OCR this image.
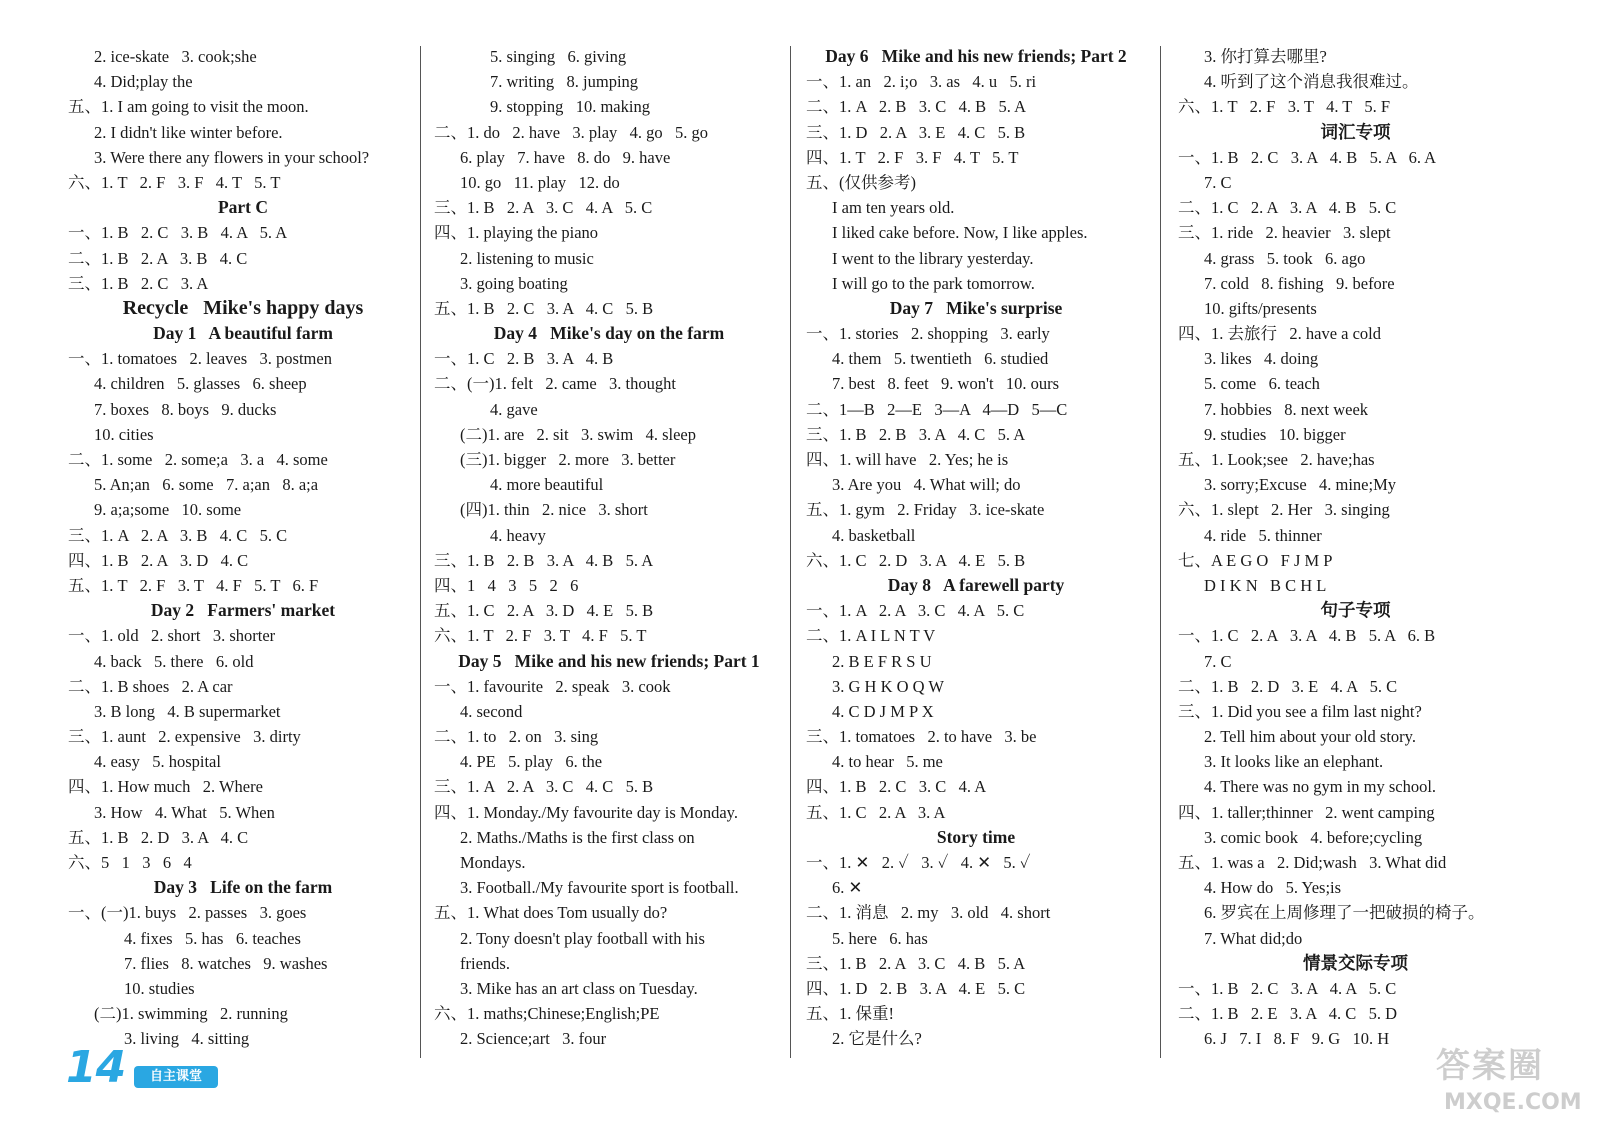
2. ice-skate   3. cook;she
4. Did;play the
五、1. I am going to visit the moon.
2. I didn't like winter before.
3. Were there any flowers in your school?
六、1. T   2. F   3. F   4. T   5. T
Part C
一、1. B   2. C   3. B   4. A   5. A
二、1. B   2. A   3. B   4. C
三、1. B   2. C   3. A
Recycle   Mike's happy days
Day 1   A beautiful farm
一、1. tomatoes   2. leaves   3. postmen
4. children   5. glasses   6. sheep
7. boxes   8. boys   9. ducks
10. cities
二、1. some   2. some;a   3. a   4. some
5. An;an   6. some   7. a;an   8. a;a
9. a;a;some   10. some
三、1. A   2. A   3. B   4. C   5. C
四、1. B   2. A   3. D   4. C
五、1. T   2. F   3. T   4. F   5. T   6. F
Day 2   Farmers' market
一、1. old   2. short   3. shorter
4. back   5. there   6. old
二、1. B shoes   2. A car
3. B long   4. B supermarket
三、1. aunt   2. expensive   3. dirty
4. easy   5. hospital
四、1. How much   2. Where
3. How   4. What   5. When
五、1. B   2. D   3. A   4. C
六、5   1   3   6   4
Day 3   Life on the farm
一、(一)1. buys   2. passes   3. goes
4. fixes   5. has   6. teaches
7. flies   8. watches   9. washes
10. studies
(二)1. swimming   2. running
3. living   4. sitting
5. singing   6. giving
7. writing   8. jumping
9. stopping   10. making
二、1. do   2. have   3. play   4. go   5. go
6. play   7. have   8. do   9. have
10. go   11. play   12. do
三、1. B   2. A   3. C   4. A   5. C
四、1. playing the piano
2. listening to music
3. going boating
五、1. B   2. C   3. A   4. C   5. B
Day 4   Mike's day on the farm
一、1. C   2. B   3. A   4. B
二、(一)1. felt   2. came   3. thought
4. gave
(二)1. are   2. sit   3. swim   4. sleep
(三)1. bigger   2. more   3. better
4. more beautiful
(四)1. thin   2. nice   3. short
4. heavy
三、1. B   2. B   3. A   4. B   5. A
四、1   4   3   5   2   6
五、1. C   2. A   3. D   4. E   5. B
六、1. T   2. F   3. T   4. F   5. T
Day 5   Mike and his new friends; Part 1
一、1. favourite   2. speak   3. cook
4. second
二、1. to   2. on   3. sing
4. PE   5. play   6. the
三、1. A   2. A   3. C   4. C   5. B
四、1. Monday./My favourite day is Monday.
2. Maths./Maths is the first class on
Mondays.
3. Football./My favourite sport is football.
五、1. What does Tom usually do?
2. Tony doesn't play football with his
friends.
3. Mike has an art class on Tuesday.
六、1. maths;Chinese;English;PE
2. Science;art   3. four
Day 6   Mike and his new friends; Part 2
一、1. an   2. i;o   3. as   4. u   5. ri
二、1. A   2. B   3. C   4. B   5. A
三、1. D   2. A   3. E   4. C   5. B
四、1. T   2. F   3. F   4. T   5. T
五、(仅供参考)
I am ten years old.
I liked cake before. Now, I like apples.
I went to the library yesterday.
I will go to the park tomorrow.
Day 7   Mike's surprise
一、1. stories   2. shopping   3. early
4. them   5. twentieth   6. studied
7. best   8. feet   9. won't   10. ours
二、1—B   2—E   3—A   4—D   5—C
三、1. B   2. B   3. A   4. C   5. A
四、1. will have   2. Yes; he is
3. Are you   4. What will; do
五、1. gym   2. Friday   3. ice-skate
4. basketball
六、1. C   2. D   3. A   4. E   5. B
Day 8   A farewell party
一、1. A   2. A   3. C   4. A   5. C
二、1. A I L N T V
2. B E F R S U
3. G H K O Q W
4. C D J M P X
三、1. tomatoes   2. to have   3. be
4. to hear   5. me
四、1. B   2. C   3. C   4. A
五、1. C   2. A   3. A
Story time
一、1. ✕   2. ✓   3. ✓   4. ✕   5. ✓
6. ✕
二、1. 消息   2. my   3. old   4. short
5. here   6. has
三、1. B   2. A   3. C   4. B   5. A
四、1. D   2. B   3. A   4. E   5. C
五、1. 保重!
2. 它是什么?
3. 你打算去哪里?
4. 听到了这个消息我很难过。
六、1. T   2. F   3. T   4. T   5. F
词汇专项
一、1. B   2. C   3. A   4. B   5. A   6. A
7. C
二、1. C   2. A   3. A   4. B   5. C
三、1. ride   2. heavier   3. slept
4. grass   5. took   6. ago
7. cold   8. fishing   9. before
10. gifts/presents
四、1. 去旅行   2. have a cold
3. likes   4. doing
5. come   6. teach
7. hobbies   8. next week
9. studies   10. bigger
五、1. Look;see   2. have;has
3. sorry;Excuse   4. mine;My
六、1. slept   2. Her   3. singing
4. ride   5. thinner
七、A E G O   F J M P
D I K N   B C H L
句子专项
一、1. C   2. A   3. A   4. B   5. A   6. B
7. C
二、1. B   2. D   3. E   4. A   5. C
三、1. Did you see a film last night?
2. Tell him about your old story.
3. It looks like an elephant.
4. There was no gym in my school.
四、1. taller;thinner   2. went camping
3. comic book   4. before;cycling
五、1. was a   2. Did;wash   3. What did
4. How do   5. Yes;is
6. 罗宾在上周修理了一把破损的椅子。
7. What did;do
情景交际专项
一、1. B   2. C   3. A   4. A   5. C
二、1. B   2. E   3. A   4. C   5. D
6. J   7. I   8. F   9. G   10. H
14	自主课堂	答案圈
MXQE.COM
